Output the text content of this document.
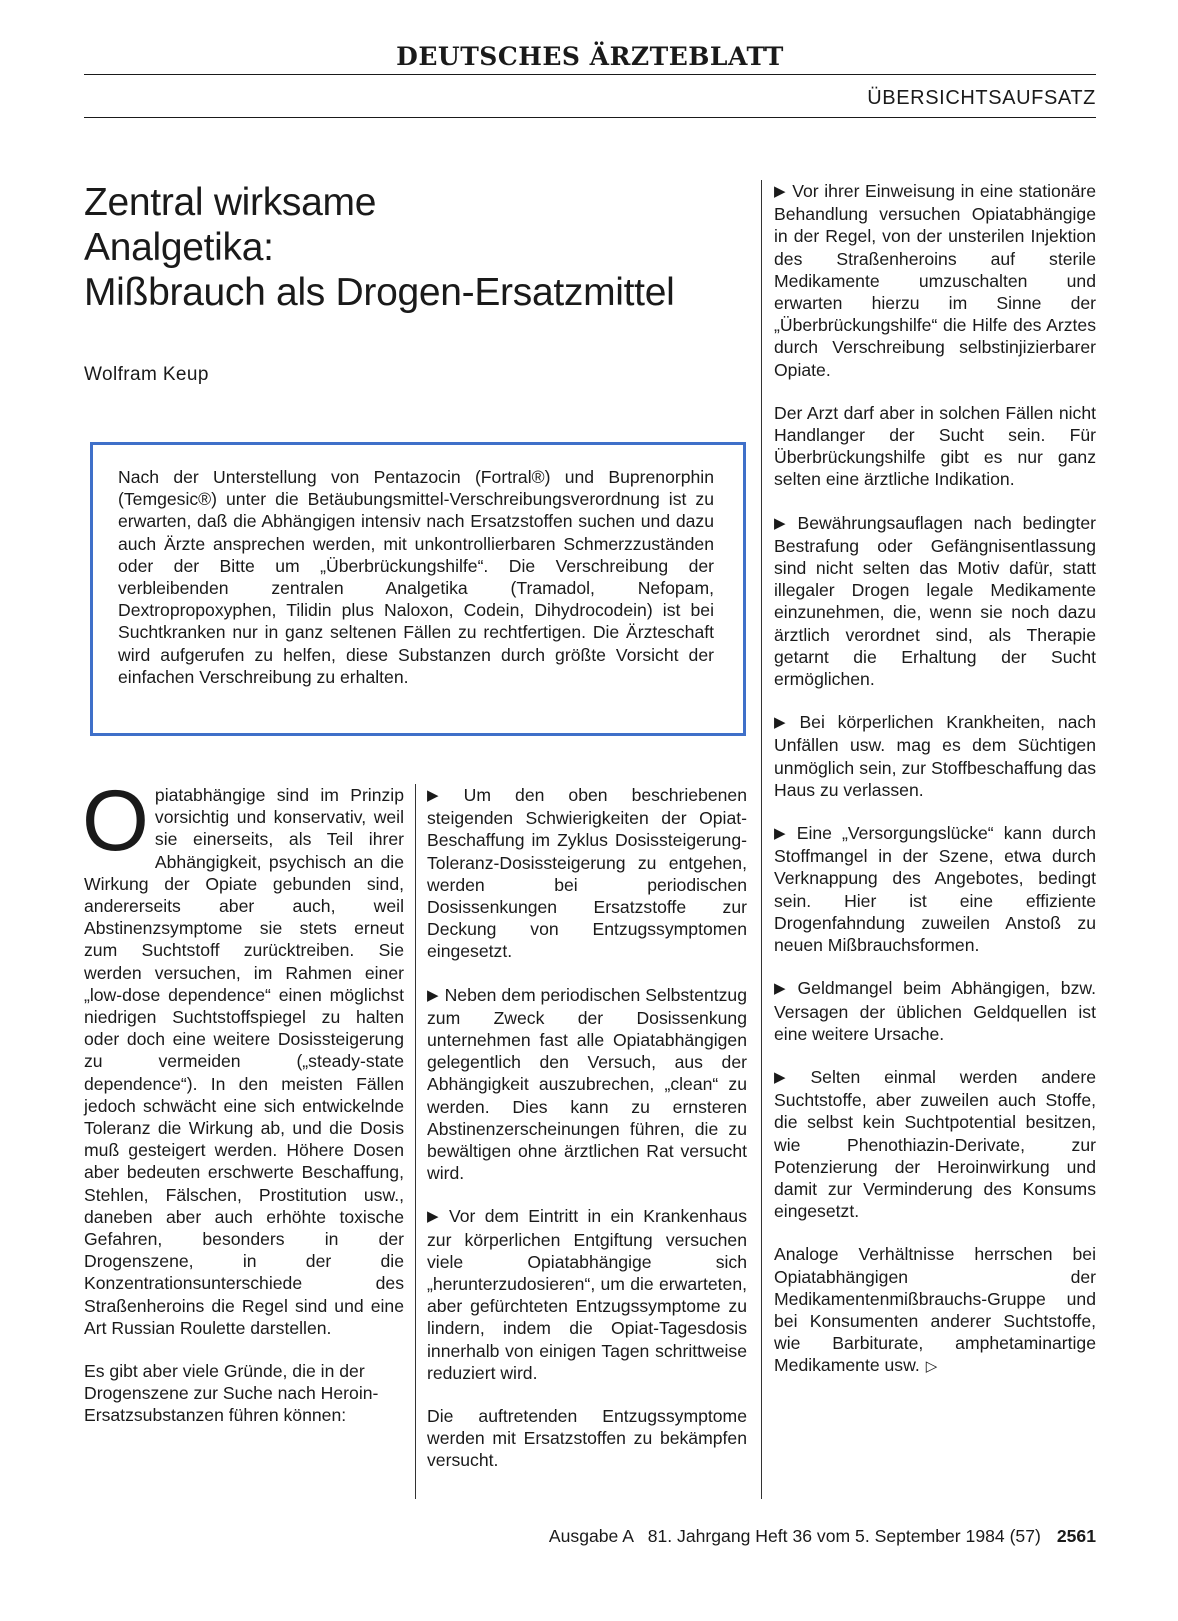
DEUTSCHES ÄRZTEBLATT
ÜBERSICHTSAUFSATZ
Zentral wirksame
Analgetika:
Mißbrauch als Drogen-Ersatzmittel
Wolfram Keup

Nach der Unterstellung von Pentazocin (Fortral®) und Buprenorphin (Temgesic®) unter die Betäubungsmittel-Verschreibungsverordnung ist zu erwarten, daß die Abhängigen intensiv nach Ersatzstoffen suchen und dazu auch Ärzte ansprechen werden, mit unkontrollierbaren Schmerzzuständen oder der Bitte um „Überbrückungshilfe“. Die Verschreibung der verbleibenden zentralen Analgetika (Tramadol, Nefopam, Dextropropoxyphen, Tilidin plus Naloxon, Codein, Dihydrocodein) ist bei Suchtkranken nur in ganz seltenen Fällen zu rechtfertigen. Die Ärzteschaft wird aufgerufen zu helfen, diese Substanzen durch größte Vorsicht der einfachen Verschreibung zu erhalten.

Opiatabhängige sind im Prinzip vorsichtig und konservativ, weil sie einerseits, als Teil ihrer Abhängigkeit, psychisch an die Wirkung der Opiate gebunden sind, andererseits aber auch, weil Abstinenzsymptome sie stets erneut zum Suchtstoff zurücktreiben. Sie werden versuchen, im Rahmen einer „low-dose dependence“ einen möglichst niedrigen Suchtstoffspiegel zu halten oder doch eine weitere Dosissteigerung zu vermeiden („steady-state dependence“). In den meisten Fällen jedoch schwächt eine sich entwickelnde Toleranz die Wirkung ab, und die Dosis muß gesteigert werden. Höhere Dosen aber bedeuten erschwerte Beschaffung, Stehlen, Fälschen, Prostitution usw., daneben aber auch erhöhte toxische Gefahren, besonders in der Drogenszene, in der die Konzentrationsunterschiede des Straßenheroins die Regel sind und eine Art Russian Roulette darstellen.

Es gibt aber viele Gründe, die in der Drogenszene zur Suche nach Heroin-Ersatzsubstanzen führen können:

▶ Um den oben beschriebenen steigenden Schwierigkeiten der Opiat-Beschaffung im Zyklus Dosissteigerung-Toleranz-Dosissteigerung zu entgehen, werden bei periodischen Dosissenkungen Ersatzstoffe zur Deckung von Entzugssymptomen eingesetzt.

▶ Neben dem periodischen Selbstentzug zum Zweck der Dosissenkung unternehmen fast alle Opiatabhängigen gelegentlich den Versuch, aus der Abhängigkeit auszubrechen, „clean“ zu werden. Dies kann zu ernsteren Abstinenzerscheinungen führen, die zu bewältigen ohne ärztlichen Rat versucht wird.

▶ Vor dem Eintritt in ein Krankenhaus zur körperlichen Entgiftung versuchen viele Opiatabhängige sich „herunterzudosieren“, um die erwarteten, aber gefürchteten Entzugssymptome zu lindern, indem die Opiat-Tagesdosis innerhalb von einigen Tagen schrittweise reduziert wird.

Die auftretenden Entzugssymptome werden mit Ersatzstoffen zu bekämpfen versucht.

▶ Vor ihrer Einweisung in eine stationäre Behandlung versuchen Opiatabhängige in der Regel, von der unsterilen Injektion des Straßenheroins auf sterile Medikamente umzuschalten und erwarten hierzu im Sinne der „Überbrückungshilfe“ die Hilfe des Arztes durch Verschreibung selbstinjizierbarer Opiate.

Der Arzt darf aber in solchen Fällen nicht Handlanger der Sucht sein. Für Überbrückungshilfe gibt es nur ganz selten eine ärztliche Indikation.

▶ Bewährungsauflagen nach bedingter Bestrafung oder Gefängnisentlassung sind nicht selten das Motiv dafür, statt illegaler Drogen legale Medikamente einzunehmen, die, wenn sie noch dazu ärztlich verordnet sind, als Therapie getarnt die Erhaltung der Sucht ermöglichen.

▶ Bei körperlichen Krankheiten, nach Unfällen usw. mag es dem Süchtigen unmöglich sein, zur Stoffbeschaffung das Haus zu verlassen.

▶ Eine „Versorgungslücke“ kann durch Stoffmangel in der Szene, etwa durch Verknappung des Angebotes, bedingt sein. Hier ist eine effiziente Drogenfahndung zuweilen Anstoß zu neuen Mißbrauchsformen.

▶ Geldmangel beim Abhängigen, bzw. Versagen der üblichen Geldquellen ist eine weitere Ursache.

▶ Selten einmal werden andere Suchtstoffe, aber zuweilen auch Stoffe, die selbst kein Suchtpotential besitzen, wie Phenothiazin-Derivate, zur Potenzierung der Heroinwirkung und damit zur Verminderung des Konsums eingesetzt.

Analoge Verhältnisse herrschen bei Opiatabhängigen der Medikamentenmißbrauchs-Gruppe und bei Konsumenten anderer Suchtstoffe, wie Barbiturate, amphetaminartige Medikamente usw. ▷

Ausgabe A   81. Jahrgang Heft 36 vom 5. September 1984 (57) 2561
